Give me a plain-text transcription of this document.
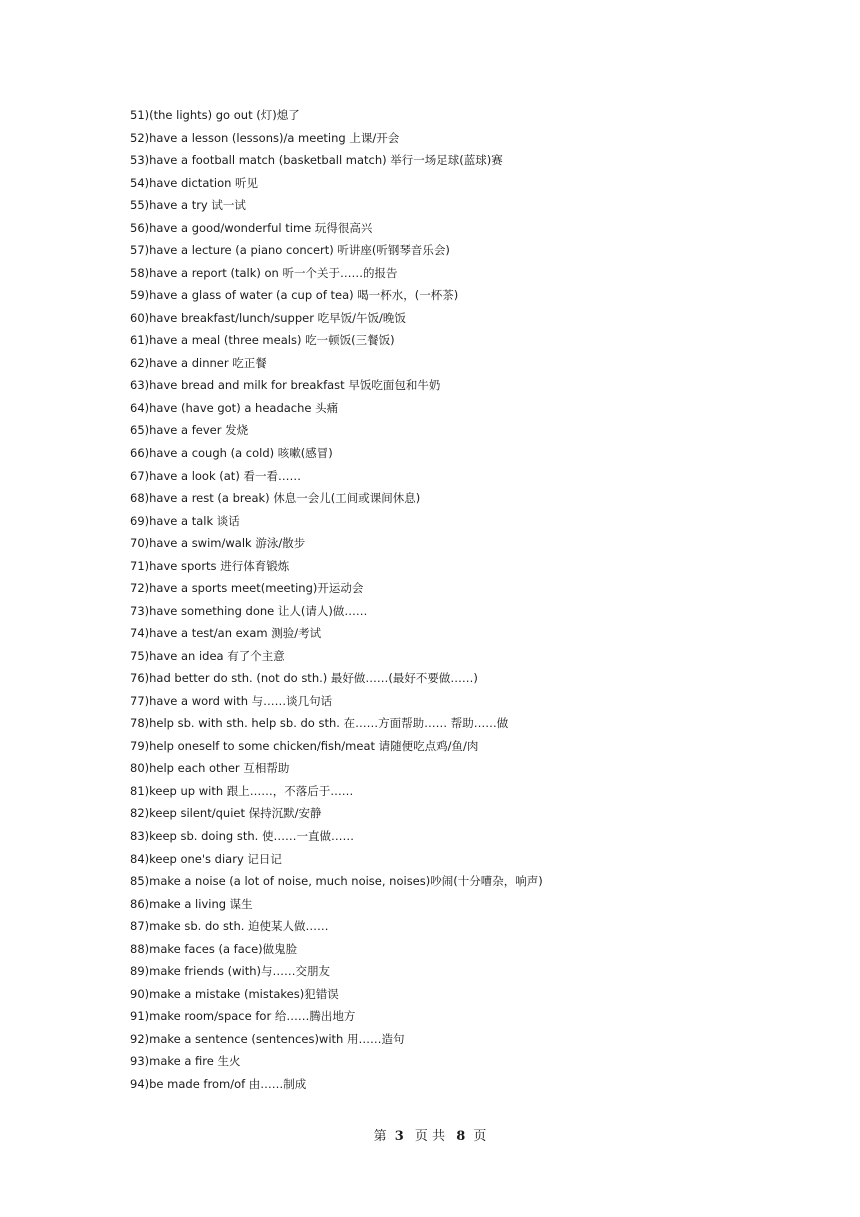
51)(the lights) go out (灯)熄了
52)have a lesson (lessons)/a meeting 上课/开会
53)have a football match (basketball match) 举行一场足球(蓝球)赛
54)have dictation 听见
55)have a try 试一试
56)have a good/wonderful time 玩得很高兴
57)have a lecture (a piano concert) 听讲座(听钢琴音乐会)
58)have a report (talk) on 听一个关于……的报告
59)have a glass of water (a cup of tea) 喝一杯水，(一杯茶)
60)have breakfast/lunch/supper 吃早饭/午饭/晚饭
61)have a meal (three meals) 吃一顿饭(三餐饭)
62)have a dinner 吃正餐
63)have bread and milk for breakfast 早饭吃面包和牛奶
64)have (have got) a headache 头痛
65)have a fever 发烧
66)have a cough (a cold) 咳嗽(感冒)
67)have a look (at) 看一看……
68)have a rest (a break) 休息一会儿(工间或课间休息)
69)have a talk 谈话
70)have a swim/walk 游泳/散步
71)have sports 进行体育锻炼
72)have a sports meet(meeting)开运动会
73)have something done 让人(请人)做……
74)have a test/an exam 测验/考试
75)have an idea 有了个主意
76)had better do sth. (not do sth.) 最好做……(最好不要做……)
77)have a word with 与……谈几句话
78)help sb. with sth. help sb. do sth. 在……方面帮助…… 帮助……做
79)help oneself to some chicken/fish/meat 请随便吃点鸡/鱼/肉
80)help each other 互相帮助
81)keep up with 跟上……，不落后于……
82)keep silent/quiet 保持沉默/安静
83)keep sb. doing sth. 使……一直做……
84)keep one's diary 记日记
85)make a noise (a lot of noise, much noise, noises)吵闹(十分嘈杂，响声)
86)make a living 谋生
87)make sb. do sth. 迫使某人做……
88)make faces (a face)做鬼脸
89)make friends (with)与……交朋友
90)make a mistake (mistakes)犯错误
91)make room/space for 给……腾出地方
92)make a sentence (sentences)with 用……造句
93)make a fire 生火
94)be made from/of 由……制成
第 3 页 共 8 页
